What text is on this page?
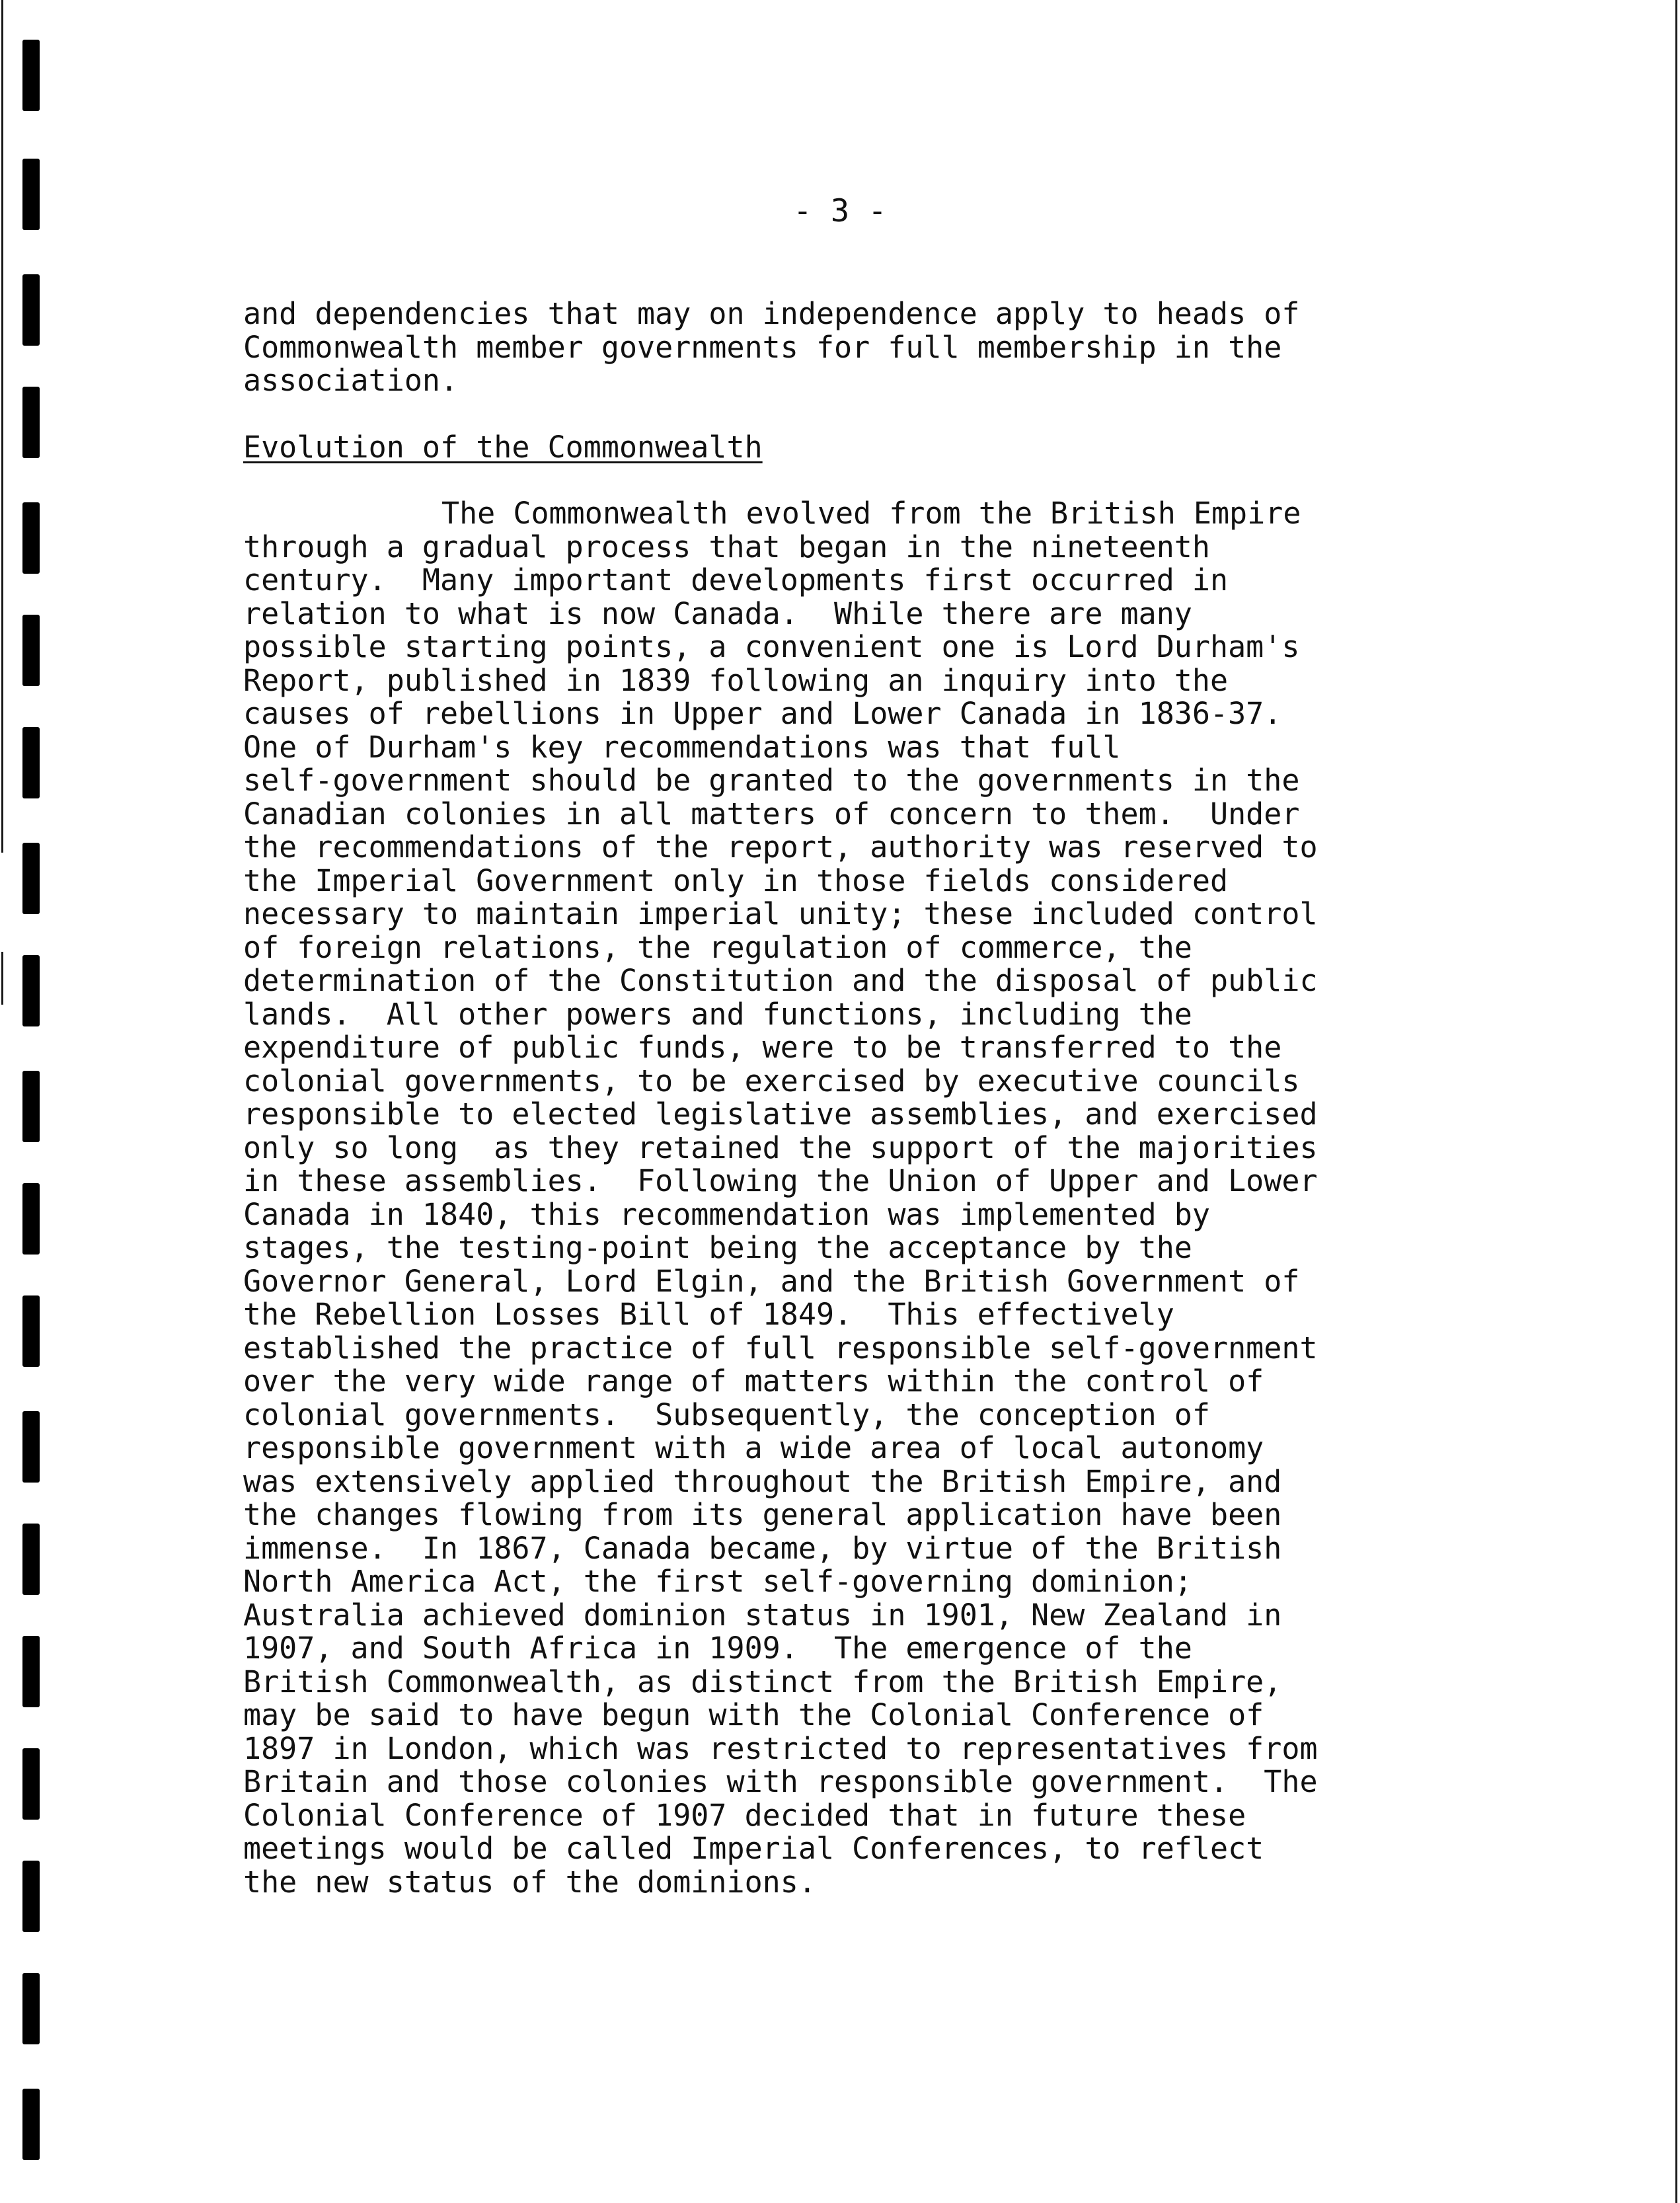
- 3 -
and dependencies that may on independence apply to heads of
Commonwealth member governments for full membership in the
association.
Evolution of the Commonwealth
The Commonwealth evolved from the British Empire
through a gradual process that began in the nineteenth
century.  Many important developments first occurred in
relation to what is now Canada.  While there are many
possible starting points, a convenient one is Lord Durham's
Report, published in 1839 following an inquiry into the
causes of rebellions in Upper and Lower Canada in 1836-37.
One of Durham's key recommendations was that full
self-government should be granted to the governments in the
Canadian colonies in all matters of concern to them.  Under
the recommendations of the report, authority was reserved to
the Imperial Government only in those fields considered
necessary to maintain imperial unity; these included control
of foreign relations, the regulation of commerce, the
determination of the Constitution and the disposal of public
lands.  All other powers and functions, including the
expenditure of public funds, were to be transferred to the
colonial governments, to be exercised by executive councils
responsible to elected legislative assemblies, and exercised
only so long  as they retained the support of the majorities
in these assemblies.  Following the Union of Upper and Lower
Canada in 1840, this recommendation was implemented by
stages, the testing-point being the acceptance by the
Governor General, Lord Elgin, and the British Government of
the Rebellion Losses Bill of 1849.  This effectively
established the practice of full responsible self-government
over the very wide range of matters within the control of
colonial governments.  Subsequently, the conception of
responsible government with a wide area of local autonomy
was extensively applied throughout the British Empire, and
the changes flowing from its general application have been
immense.  In 1867, Canada became, by virtue of the British
North America Act, the first self-governing dominion;
Australia achieved dominion status in 1901, New Zealand in
1907, and South Africa in 1909.  The emergence of the
British Commonwealth, as distinct from the British Empire,
may be said to have begun with the Colonial Conference of
1897 in London, which was restricted to representatives from
Britain and those colonies with responsible government.  The
Colonial Conference of 1907 decided that in future these
meetings would be called Imperial Conferences, to reflect
the new status of the dominions.
